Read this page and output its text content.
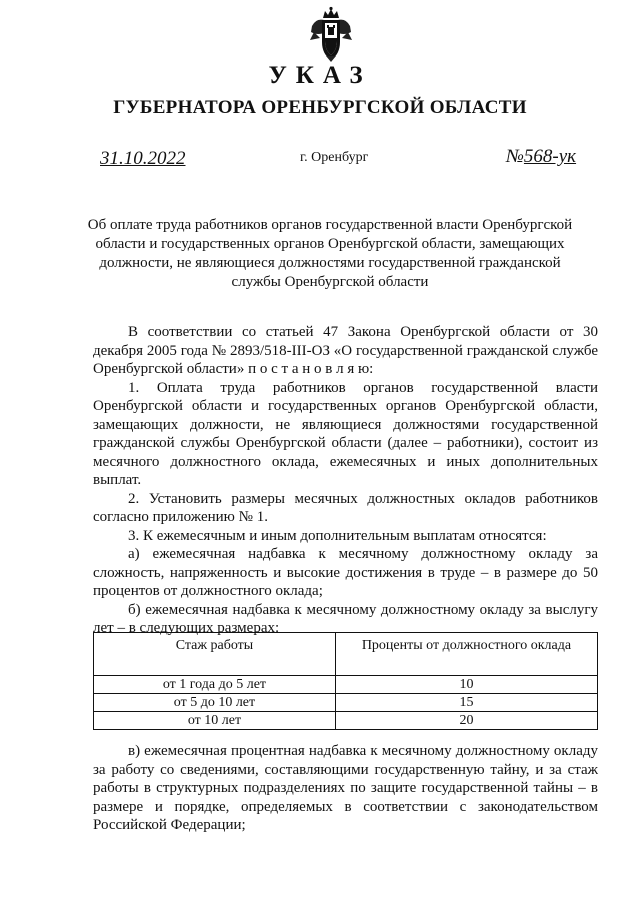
УКАЗ
ГУБЕРНАТОРА ОРЕНБУРГСКОЙ ОБЛАСТИ
31.10.2022	г. Оренбург	№568-ук
Об оплате труда работников органов государственной власти Оренбургской области и государственных органов Оренбургской области, замещающих должности, не являющиеся должностями государственной гражданской службы Оренбургской области

В соответствии со статьей 47 Закона Оренбургской области от 30 декабря 2005 года № 2893/518-III-ОЗ «О государственной гражданской службе Оренбургской области» п о с т а н о в л я ю:

1. Оплата труда работников органов государственной власти Оренбургской области и государственных органов Оренбургской области, замещающих должности, не являющиеся должностями государственной гражданской службы Оренбургской области (далее – работники), состоит из месячного должностного оклада, ежемесячных и иных дополнительных выплат.

2. Установить размеры месячных должностных окладов работников согласно приложению № 1.

3. К ежемесячным и иным дополнительным выплатам относятся:

а) ежемесячная надбавка к месячному должностному окладу за сложность, напряженность и высокие достижения в труде – в размере до 50 процентов от должностного оклада;

б) ежемесячная надбавка к месячному должностному окладу за выслугу лет – в следующих размерах:

Стаж работы	Проценты от должностного оклада
от 1 года до 5 лет	10
от 5 до 10 лет	15
от 10 лет	20

в) ежемесячная процентная надбавка к месячному должностному окладу за работу со сведениями, составляющими государственную тайну, и за стаж работы в структурных подразделениях по защите государственной тайны – в размере и порядке, определяемых в соответствии с законодательством Российской Федерации;
